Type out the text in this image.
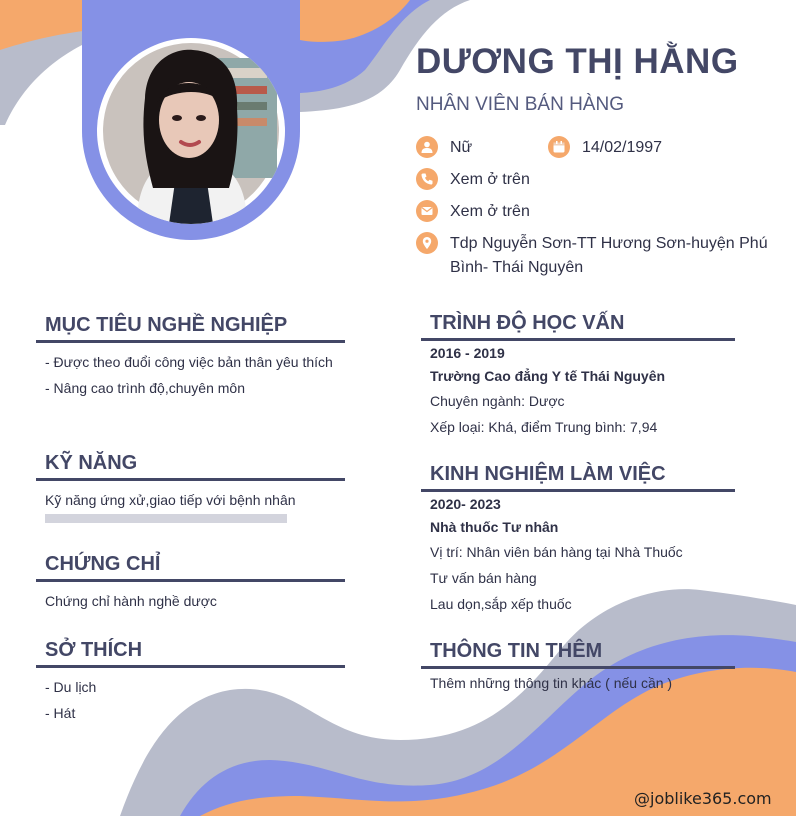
DƯƠNG THỊ HẰNG
NHÂN VIÊN BÁN HÀNG
Nữ	14/02/1997
Xem ở trên
Xem ở trên
Tdp Nguyễn Sơn-TT Hương Sơn-huyện Phú
Bình- Thái Nguyên
MỤC TIÊU NGHỀ NGHIỆP
- Được theo đuổi công việc bản thân yêu thích
- Nâng cao trình độ,chuyên môn
KỸ NĂNG
Kỹ năng ứng xử,giao tiếp với bệnh nhân
CHỨNG CHỈ
Chứng chỉ hành nghề dược
SỞ THÍCH
- Du lịch
- Hát
TRÌNH ĐỘ HỌC VẤN
2016 - 2019
Trường Cao đẳng Y tế Thái Nguyên
Chuyên ngành: Dược
Xếp loại: Khá, điểm Trung bình: 7,94
KINH NGHIỆM LÀM VIỆC
2020- 2023
Nhà thuốc Tư nhân
Vị trí: Nhân viên bán hàng tại Nhà Thuốc
Tư vấn bán hàng
Lau dọn,sắp xếp thuốc
THÔNG TIN THÊM
Thêm những thông tin khác ( nếu cần )
@joblike365.com
